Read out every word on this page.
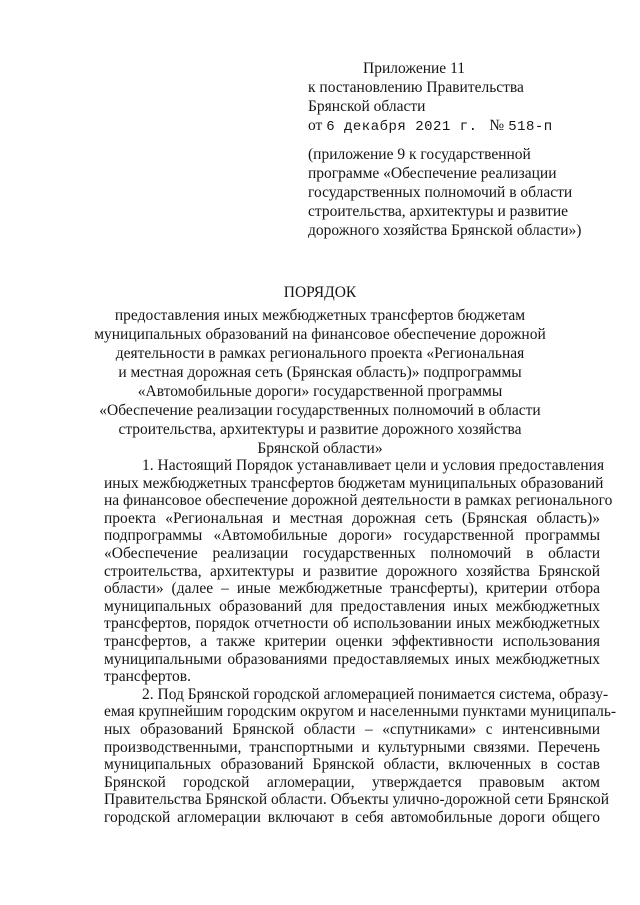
Приложение 11
к постановлению Правительства
Брянской области
от 6 декабря 2021 г. № 518-п
(приложение 9 к государственной
программе «Обеспечение реализации
государственных полномочий в области
строительства, архитектуры и развитие
дорожного хозяйства Брянской области»)
ПОРЯДОК
предоставления иных межбюджетных трансфертов бюджетам
муниципальных образований на финансовое обеспечение дорожной
деятельности в рамках регионального проекта «Региональная
и местная дорожная сеть (Брянская область)» подпрограммы
«Автомобильные дороги» государственной программы
«Обеспечение реализации государственных полномочий в области
строительства, архитектуры и развитие дорожного хозяйства
Брянской области»
1. Настоящий Порядок устанавливает цели и условия предоставления
иных межбюджетных трансфертов бюджетам муниципальных образований
на финансовое обеспечение дорожной деятельности в рамках регионального
проекта «Региональная и местная дорожная сеть (Брянская область)»
подпрограммы «Автомобильные дороги» государственной программы
«Обеспечение реализации государственных полномочий в области
строительства, архитектуры и развитие дорожного хозяйства Брянской
области» (далее – иные межбюджетные трансферты), критерии отбора
муниципальных образований для предоставления иных межбюджетных
трансфертов, порядок отчетности об использовании иных межбюджетных
трансфертов, а также критерии оценки эффективности использования
муниципальными образованиями предоставляемых иных межбюджетных
трансфертов.
2. Под Брянской городской агломерацией понимается система, образу-
емая крупнейшим городским округом и населенными пунктами муниципаль-
ных образований Брянской области – «спутниками» с интенсивными
производственными, транспортными и культурными связями. Перечень
муниципальных образований Брянской области, включенных в состав
Брянской городской агломерации, утверждается правовым актом
Правительства Брянской области. Объекты улично-дорожной сети Брянской
городской агломерации включают в себя автомобильные дороги общего
